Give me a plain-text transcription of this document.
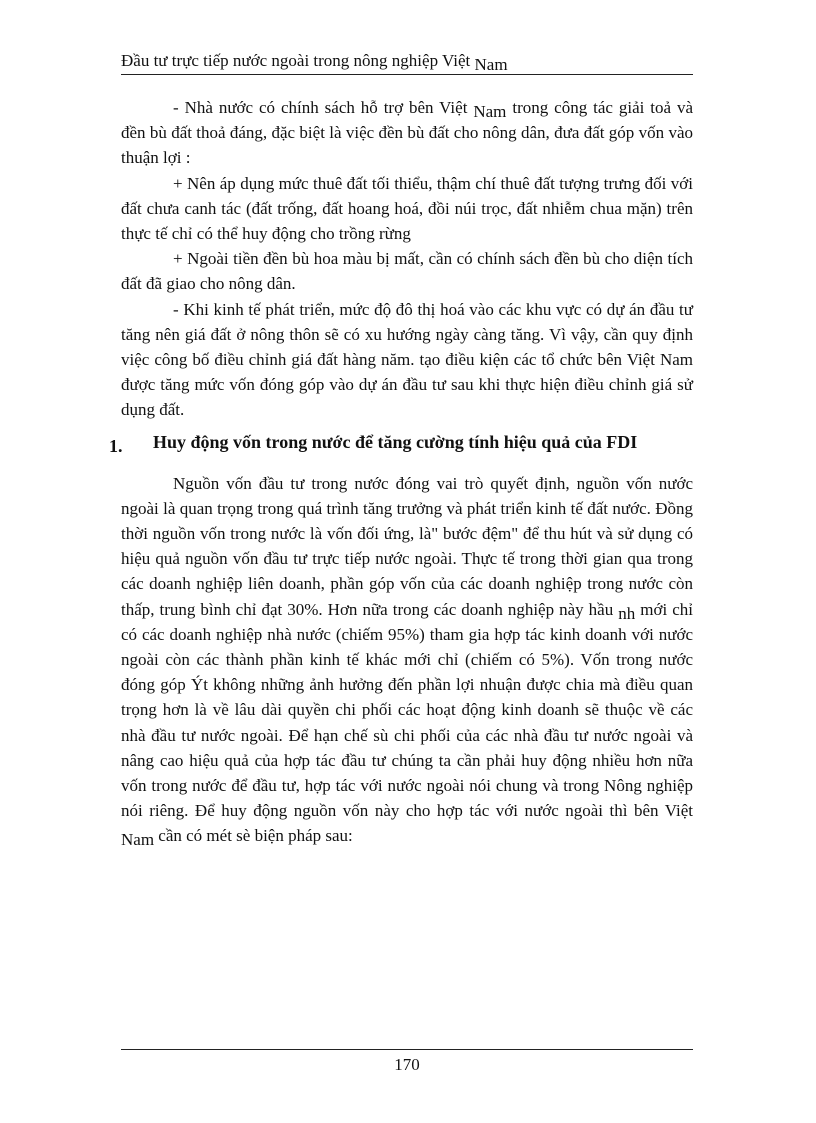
Đầu tư trực tiếp nước ngoài trong nông nghiệp Việt Nam

- Nhà nước có chính sách hỗ trợ bên Việt Nam trong công tác giải toả và đền bù đất thoả đáng, đặc biệt là việc đền bù đất cho nông dân, đưa đất góp vốn vào thuận lợi :

+ Nên áp dụng mức thuê đất tối thiểu, thậm chí thuê đất tượng trưng đối với đất chưa canh tác (đất trống, đất hoang hoá, đồi núi trọc, đất nhiễm chua mặn) trên thực tế chỉ có thể huy động cho trồng rừng

+ Ngoài tiền đền bù hoa màu bị mất, cần có chính sách đền bù cho diện tích đất đã giao cho nông dân.

- Khi kinh tế phát triển, mức độ đô thị hoá vào các khu vực có dự án đầu tư tăng nên giá đất ở nông thôn sẽ có xu hướng ngày càng tăng. Vì vậy, cần quy định việc công bố điều chỉnh giá đất hàng năm. tạo điều kiện các tổ chức bên Việt Nam được tăng mức vốn đóng góp vào dự án đầu tư sau khi thực hiện điều chỉnh giá sử dụng đất.

1. Huy động vốn trong nước để tăng cường tính hiệu quả của FDI

Nguồn vốn đầu tư trong nước đóng vai trò quyết định, nguồn vốn nước ngoài là quan trọng trong quá trình tăng trưởng và phát triển kinh tế đất nước. Đồng thời nguồn vốn trong nước là vốn đối ứng, là" bước đệm" để thu hút và sử dụng có hiệu quả nguồn vốn đầu tư trực tiếp nước ngoài. Thực tế trong thời gian qua trong các doanh nghiệp liên doanh, phần góp vốn của các doanh nghiệp trong nước còn thấp, trung bình chỉ đạt 30%. Hơn nữa trong các doanh nghiệp này hầu nh mới chỉ có các doanh nghiệp nhà nước (chiếm 95%) tham gia hợp tác kinh doanh với nước ngoài còn các thành phần kinh tế khác mới chỉ (chiếm có 5%). Vốn trong nước đóng góp Ýt không những ảnh hưởng đến phần lợi nhuận được chia mà điều quan trọng hơn là về lâu dài quyền chi phối các hoạt động kinh doanh sẽ thuộc về các nhà đầu tư nước ngoài. Để hạn chế sù chi phối của các nhà đầu tư nước ngoài và nâng cao hiệu quả của hợp tác đầu tư chúng ta cần phải huy động nhiều hơn nữa vốn trong nước để đầu tư, hợp tác với nước ngoài nói chung và trong Nông nghiệp nói riêng. Để huy động nguồn vốn này cho hợp tác với nước ngoài thì bên Việt Nam cần có mét sè biện pháp sau:

170
